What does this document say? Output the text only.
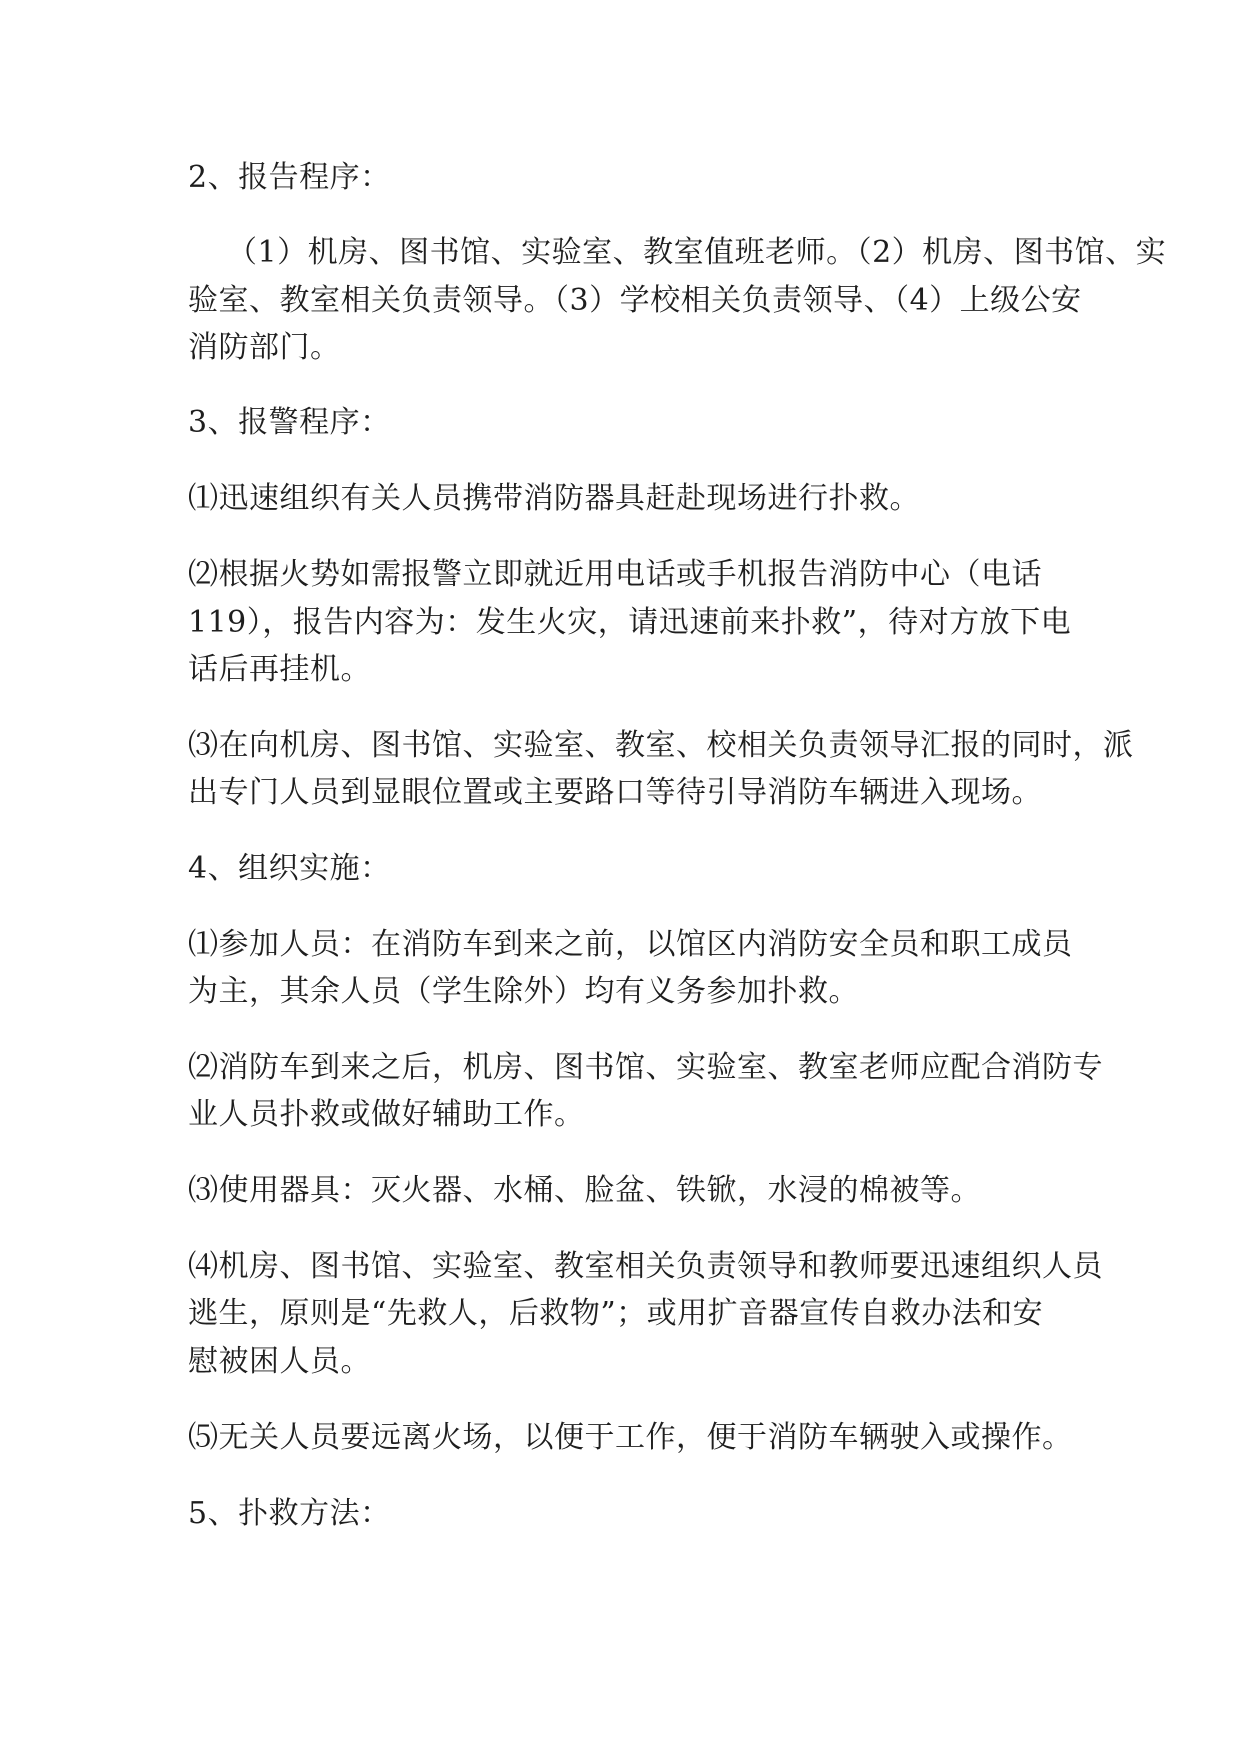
2、报告程序：
（1）机房、图书馆、实验室、教室值班老师。（2）机房、图书馆、实
验室、教室相关负责领导。（3）学校相关负责领导、（4）上级公安
消防部门。
3、报警程序：
⑴迅速组织有关人员携带消防器具赶赴现场进行扑救。
⑵根据火势如需报警立即就近用电话或手机报告消防中心（电话
119），报告内容为：发生火灾，请迅速前来扑救”，待对方放下电
话后再挂机。
⑶在向机房、图书馆、实验室、教室、校相关负责领导汇报的同时，派
出专门人员到显眼位置或主要路口等待引导消防车辆进入现场。
4、组织实施：
⑴参加人员：在消防车到来之前，以馆区内消防安全员和职工成员
为主，其余人员（学生除外）均有义务参加扑救。
⑵消防车到来之后，机房、图书馆、实验室、教室老师应配合消防专
业人员扑救或做好辅助工作。
⑶使用器具：灭火器、水桶、脸盆、铁锨，水浸的棉被等。
⑷机房、图书馆、实验室、教室相关负责领导和教师要迅速组织人员
逃生，原则是“先救人，后救物”；或用扩音器宣传自救办法和安
慰被困人员。
⑸无关人员要远离火场，以便于工作，便于消防车辆驶入或操作。
5、扑救方法：
